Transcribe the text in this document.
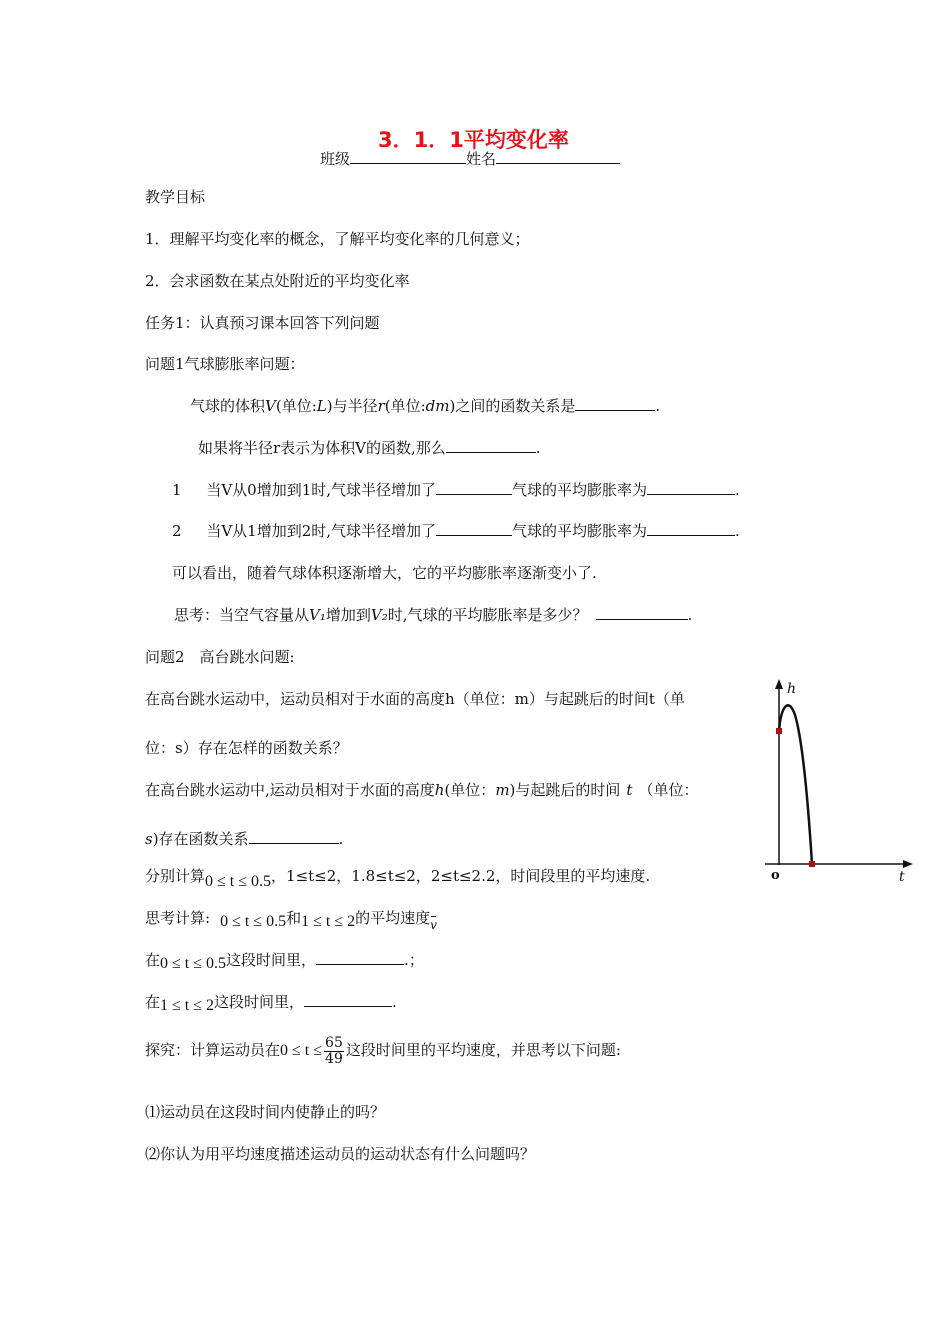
3．1．1平均变化率
班级	姓名
教学目标
1．理解平均变化率的概念，了解平均变化率的几何意义；
2．会求函数在某点处附近的平均变化率
任务1：认真预习课本回答下列问题
问题1气球膨胀率问题：
气球的体积V(单位:L)与半径r(单位:dm)之间的函数关系是	.
如果将半径r表示为体积V的函数,那么	.
1 当V从0增加到1时,气球半径增加了	气球的平均膨胀率为	.
2 当V从1增加到2时,气球半径增加了	气球的平均膨胀率为	.
可以看出，随着气球体积逐渐增大，它的平均膨胀率逐渐变小了.
思考：当空气容量从V₁增加到V₂时,气球的平均膨胀率是多少？	.
问题2　高台跳水问题:
在高台跳水运动中，运动员相对于水面的高度h（单位：m）与起跳后的时间t（单
位：s）存在怎样的函数关系？
在高台跳水运动中,运动员相对于水面的高度h(单位：m)与起跳后的时间 t （单位：
s)存在函数关系	.
分别计算0 ≤ t ≤ 0.5，1≤t≤2，1.8≤t≤2，2≤t≤2.2，时间段里的平均速度.
思考计算: 0 ≤ t ≤ 0.5和1 ≤ t ≤ 2的平均速度v
在0 ≤ t ≤ 0.5这段时间里，	.；
在1 ≤ t ≤ 2这段时间里，	.
探究：计算运动员在$0 \le t \le \frac{65}{49}$ 这段时间里的平均速度，并思考以下问题:
⑴运动员在这段时间内使静止的吗？
⑵你认为用平均速度描述运动员的运动状态有什么问题吗？
h
t
o
